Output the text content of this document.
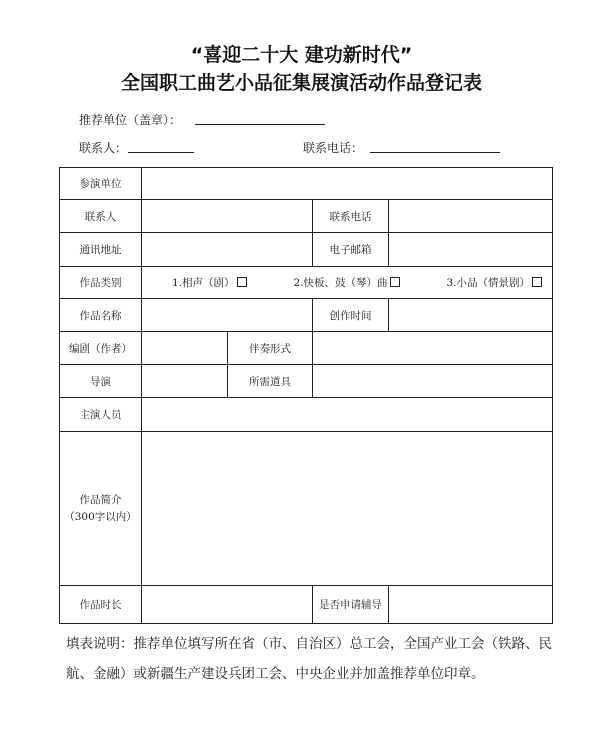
“喜迎二十大 建功新时代”
全国职工曲艺小品征集展演活动作品登记表
推荐单位（盖章）：
联系人：	联系电话：
参演单位				
联系人			联系电话	
通讯地址			电子邮箱	
作品类别	1.相声（剧） 2.快板、鼓（琴）曲 3.小品（情景剧）			

作品名称			创作时间	
编剧（作者）		伴奏形式		
导演		所需道具		
主演人员				

作品简介
（300字以内）				

作品时长			是否申请辅导	
填表说明：推荐单位填写所在省（市、自治区）总工会，全国产业工会（铁路、民航、金融）或新疆生产建设兵团工会、中央企业并加盖推荐单位印章。
